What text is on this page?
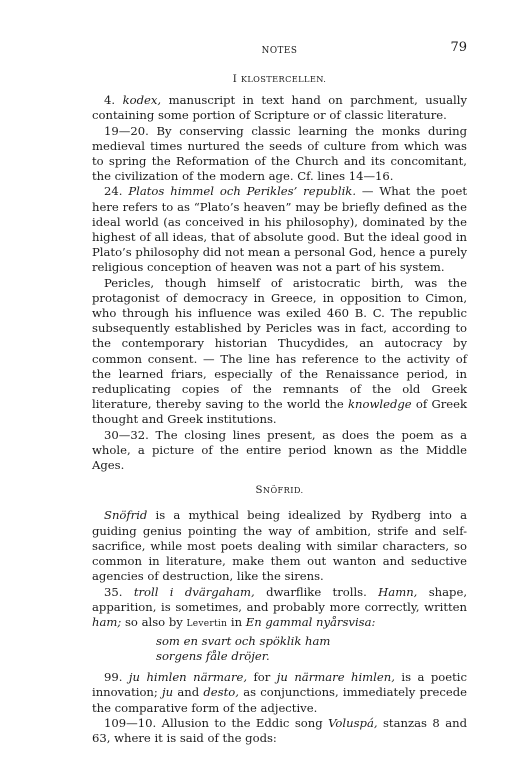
NOTES	79
I KLOSTERCELLEN.

4. kodex, manuscript in text hand on parchment, usually containing some portion of Scripture or of classic literature.

19—20. By conserving classic learning the monks during medieval times nurtured the seeds of culture from which was to spring the Reformation of the Church and its concomitant, the civilization of the modern age. Cf. lines 14—16.

24. Platos himmel och Perikles’ republik. — What the poet here refers to as “Plato’s heaven” may be briefly defined as the ideal world (as conceived in his philosophy), dominated by the highest of all ideas, that of absolute good. But the ideal good in Plato’s philosophy did not mean a personal God, hence a purely religious conception of heaven was not a part of his system.

Pericles, though himself of aristocratic birth, was the protagonist of democracy in Greece, in opposition to Cimon, who through his influence was exiled 460 B. C. The republic subsequently established by Pericles was in fact, according to the contemporary historian Thucydides, an autocracy by common consent. — The line has reference to the activity of the learned friars, especially of the Renaissance period, in reduplicating copies of the remnants of the old Greek literature, thereby saving to the world the knowledge of Greek thought and Greek institutions.

30—32. The closing lines present, as does the poem as a whole, a picture of the entire period known as the Middle Ages.

SNÖFRID.

Snöfrid is a mythical being idealized by Rydberg into a guiding genius pointing the way of ambition, strife and self-sacrifice, while most poets dealing with similar characters, so common in literature, make them out wanton and seductive agencies of destruction, like the sirens.

35. troll i dvärgaham, dwarflike trolls. Hamn, shape, apparition, is sometimes, and probably more correctly, written ham; so also by Levertin in En gammal nyårsvisa:

som en svart och spöklik ham
sorgens fåle dröjer.

99. ju himlen närmare, for ju närmare himlen, is a poetic innovation; ju and desto, as conjunctions, immediately precede the comparative form of the adjective.

109—10. Allusion to the Eddic song Voluspá, stanzas 8 and 63, where it is said of the gods:
